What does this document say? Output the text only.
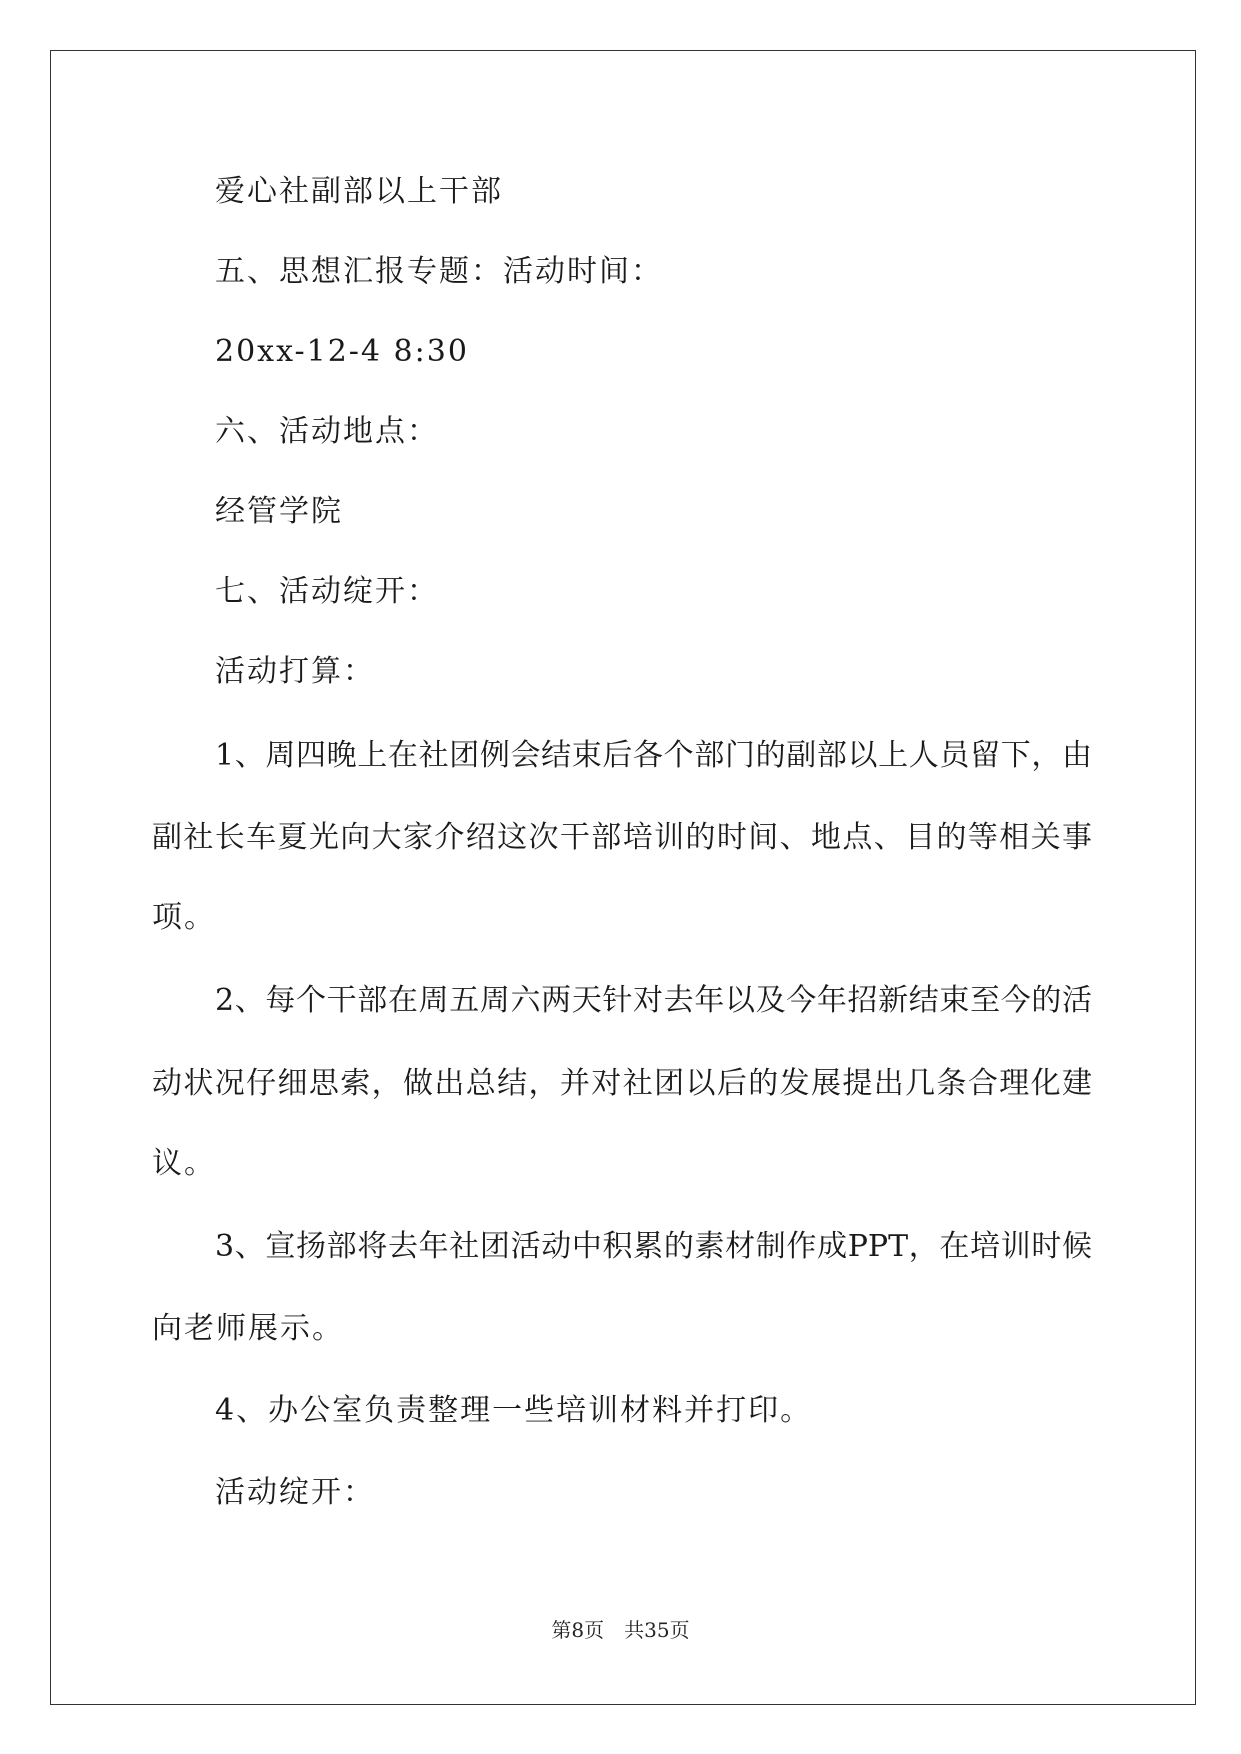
爱心社副部以上干部
五、思想汇报专题：活动时间：
20xx-12-4 8:30
六、活动地点：
经管学院
七、活动绽开：
活动打算：
1、周四晚上在社团例会结束后各个部门的副部以上人员留下，由
副社长车夏光向大家介绍这次干部培训的时间、地点、目的等相关事
项。
2、每个干部在周五周六两天针对去年以及今年招新结束至今的活
动状况仔细思索，做出总结，并对社团以后的发展提出几条合理化建
议。
3、宣扬部将去年社团活动中积累的素材制作成PPT，在培训时候
向老师展示。
4、办公室负责整理一些培训材料并打印。
活动绽开：
第8页　共35页
